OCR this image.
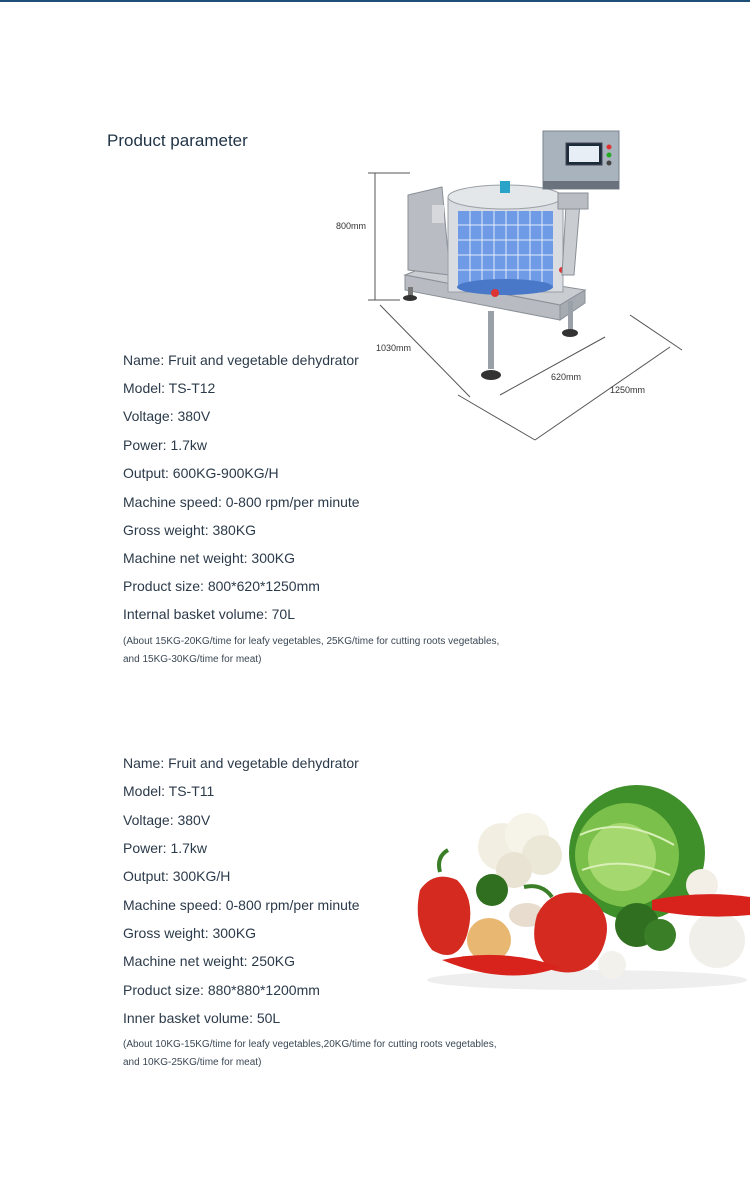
Product parameter
800mm
1030mm
620mm
1250mm
Name: Fruit and vegetable dehydrator
Model: TS-T12
Voltage: 380V
Power: 1.7kw
Output: 600KG-900KG/H
Machine speed: 0-800 rpm/per minute
Gross weight: 380KG
Machine net weight: 300KG
Product size: 800*620*1250mm
Internal basket volume: 70L
(About 15KG-20KG/time for leafy vegetables, 25KG/time for cutting roots vegetables,
and 15KG-30KG/time for meat)
Name: Fruit and vegetable dehydrator
Model: TS-T11
Voltage: 380V
Power: 1.7kw
Output: 300KG/H
Machine speed: 0-800 rpm/per minute
Gross weight: 300KG
Machine net weight: 250KG
Product size: 880*880*1200mm
Inner basket volume: 50L
(About 10KG-15KG/time for leafy vegetables,20KG/time for cutting roots vegetables,
and 10KG-25KG/time for meat)
